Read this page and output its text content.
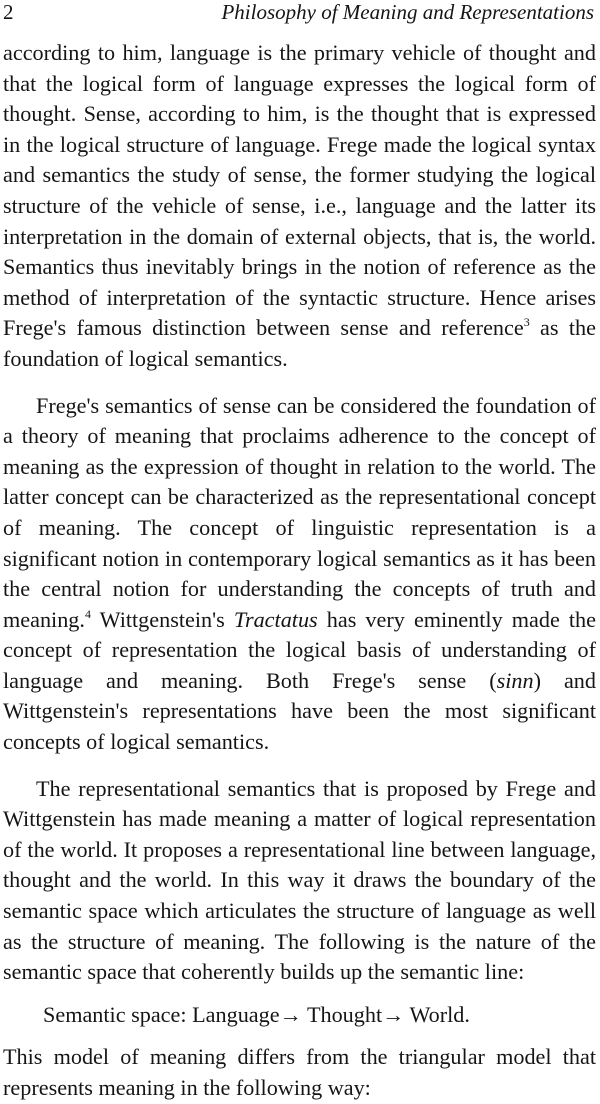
2	Philosophy of Meaning and Representations

according to him, language is the primary vehicle of thought and that the logical form of language expresses the logical form of thought. Sense, according to him, is the thought that is expressed in the logical structure of language. Frege made the logical syntax and semantics the study of sense, the former studying the logical structure of the vehicle of sense, i.e., language and the latter its interpretation in the domain of external objects, that is, the world. Semantics thus inevitably brings in the notion of reference as the method of interpretation of the syntactic structure. Hence arises Frege's famous distinction between sense and reference$^3$ as the foundation of logical semantics.

Frege's semantics of sense can be considered the foundation of a theory of meaning that proclaims adherence to the concept of meaning as the expression of thought in relation to the world. The latter concept can be characterized as the representational concept of meaning. The concept of linguistic representation is a significant notion in contemporary logical semantics as it has been the central notion for understanding the concepts of truth and meaning.$^4$ Wittgenstein's Tractatus has very eminently made the concept of representation the logical basis of understanding of language and meaning. Both Frege's sense (sinn) and Wittgenstein's representations have been the most significant concepts of logical semantics.

The representational semantics that is proposed by Frege and Wittgenstein has made meaning a matter of logical representation of the world. It proposes a representational line between language, thought and the world. In this way it draws the boundary of the semantic space which articulates the structure of language as well as the structure of meaning. The following is the nature of the semantic space that coherently builds up the semantic line:

Semantic space: Language→ Thought→ World.

This model of meaning differs from the triangular model that represents meaning in the following way:
